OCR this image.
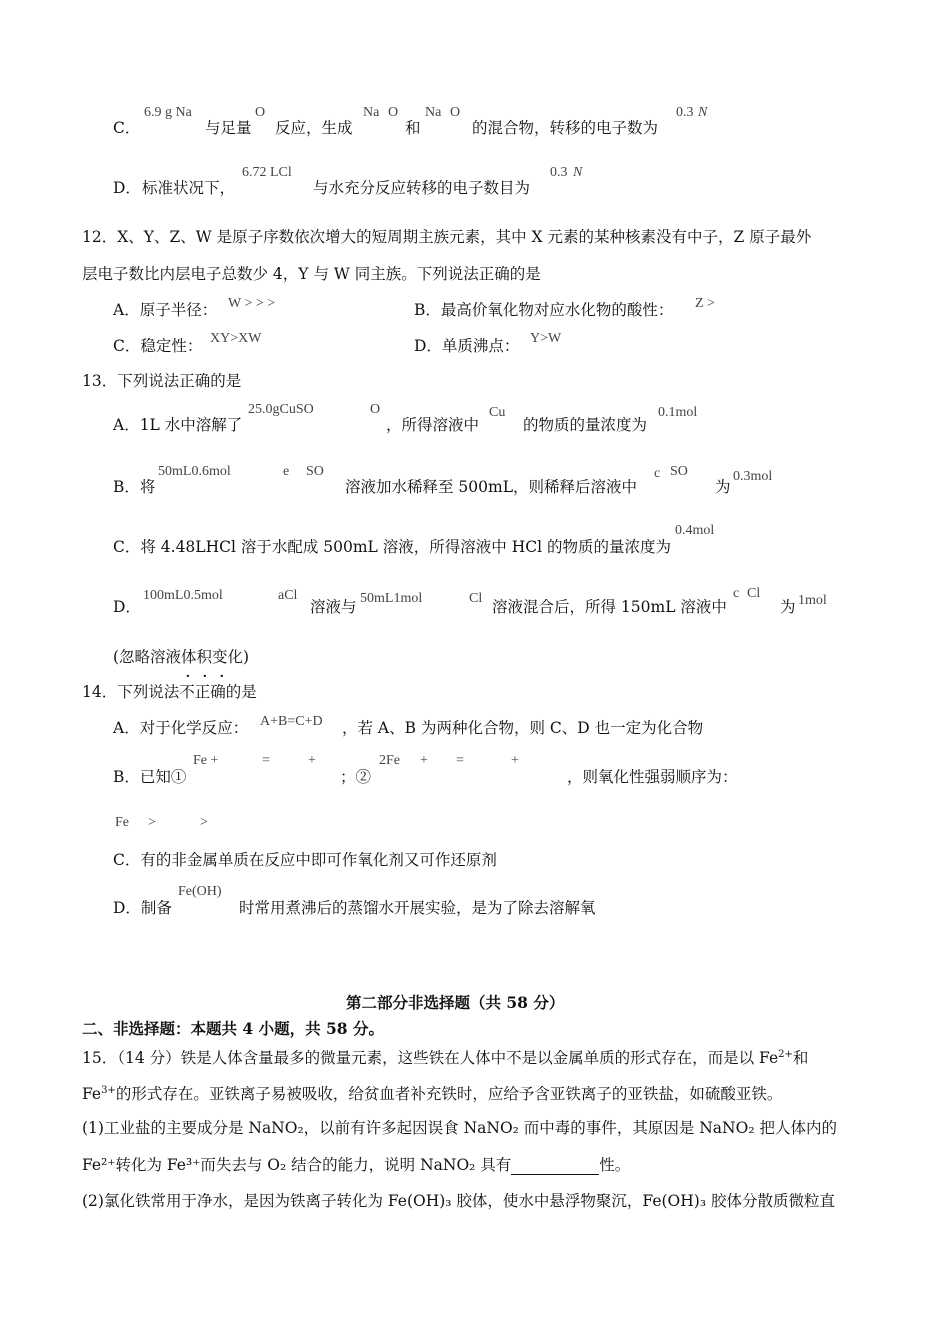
C．
6.9 g Na
与足量
O
反应，生成
Na O
和
Na O
的混合物，转移的电子数为
0.3 N
D． 标准状况下，
6.72 LCl
与水充分反应转移的电子数目为
0.3 N
12．X、Y、Z、W 是原子序数依次增大的短周期主族元素，其中 X 元素的某种核素没有中子，Z 原子最外
层电子数比内层电子总数少 4，Y 与 W 同主族。下列说法正确的是
A．原子半径： W > > >	B．最高价氧化物对应水化物的酸性： Z >
C．稳定性： XY>XW	D．单质沸点： Y>W
13．下列说法正确的是
A．1L 水中溶解了
25.0gCuSO	O
，所得溶液中
Cu
的物质的量浓度为
0.1mol
B．将
50mL0.6mol	e SO
溶液加水稀释至 500mL，则稀释后溶液中
c SO
为
0.3mol
C．将 4.48LHCl 溶于水配成 500mL 溶液，所得溶液中 HCl 的物质的量浓度为
0.4mol
D．
100mL0.5mol	aCl
溶液与 50mL1mol	Cl 溶液混合后，所得 150mL 溶液中
c Cl
为 1mol
(忽略溶液体积变化)
· · ·
14．下列说法不正确的是
A．对于化学反应： A+B=C+D ，若 A、B 为两种化合物，则 C、D 也一定为化合物
B．已知①
Fe +	=	+
；②
2Fe + =	+
，则氧化性强弱顺序为：
Fe >	>
C．有的非金属单质在反应中即可作氧化剂又可作还原剂
D．制备
Fe(OH)
时常用煮沸后的蒸馏水开展实验，是为了除去溶解氧
第二部分非选择题（共 58 分）
二、非选择题：本题共 4 小题，共 58 分。
15．（14 分）铁是人体含量最多的微量元素，这些铁在人体中不是以金属单质的形式存在，而是以 $Fe^{2+}$和
$Fe^{3+}$的形式存在。亚铁离子易被吸收，给贫血者补充铁时，应给予含亚铁离子的亚铁盐，如硫酸亚铁。
(1)工业盐的主要成分是 NaNO₂，以前有许多起因误食 NaNO₂ 而中毒的事件，其原因是 NaNO₂ 把人体内的
Fe²⁺转化为 Fe³⁺而失去与 O₂ 结合的能力，说明 NaNO₂ 具有	性。
(2)氯化铁常用于净水，是因为铁离子转化为 Fe(OH)₃ 胶体，使水中悬浮物聚沉，Fe(OH)₃ 胶体分散质微粒直
